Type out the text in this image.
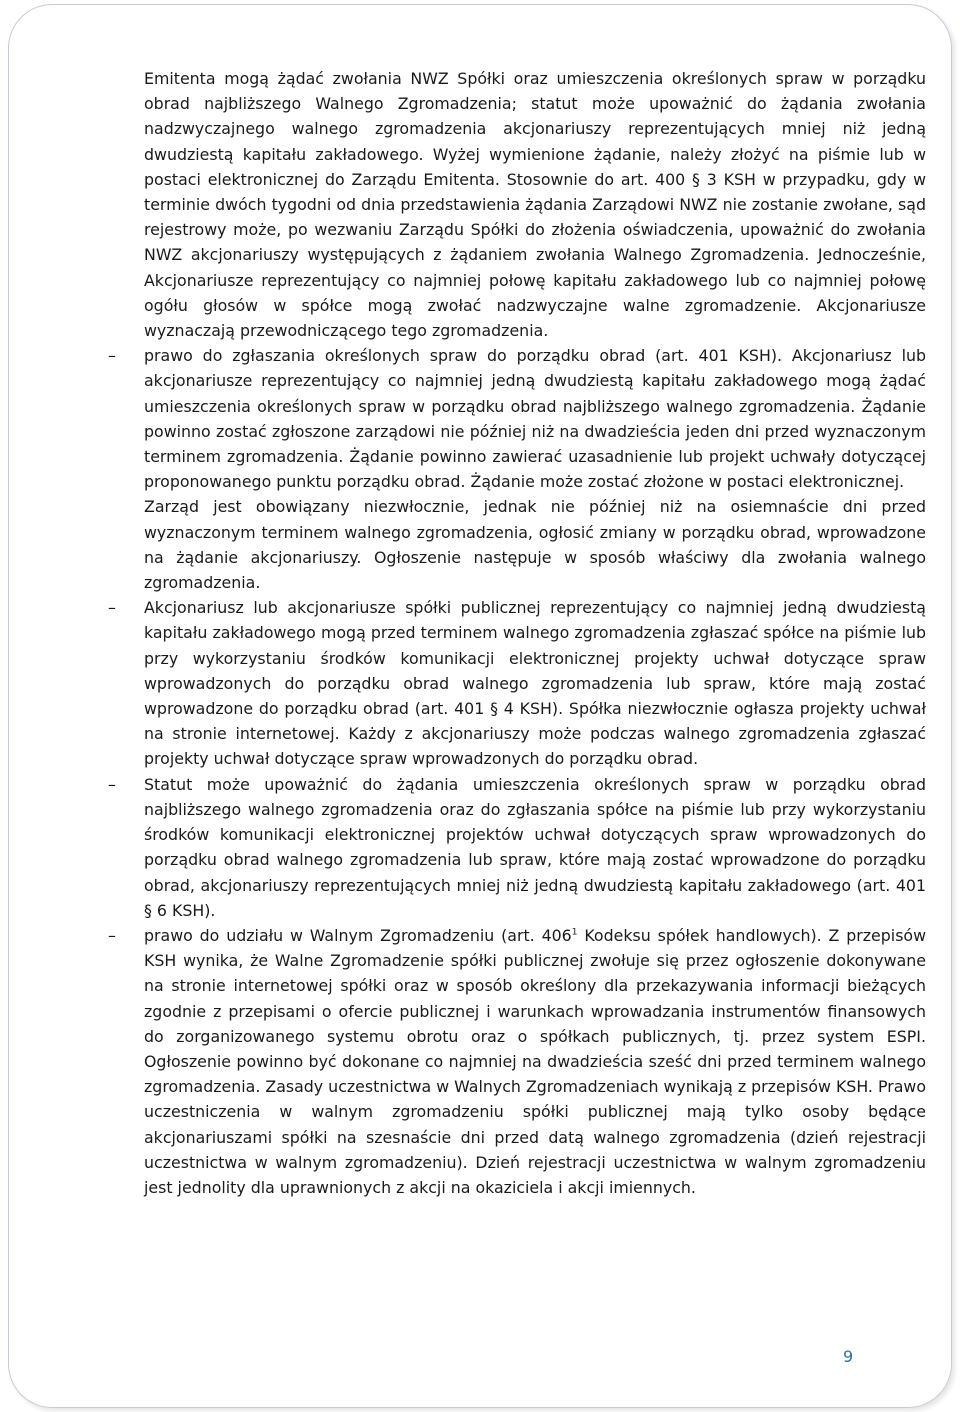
Emitenta mogą żądać zwołania NWZ Spółki oraz umieszczenia określonych spraw w porządku obrad najbliższego Walnego Zgromadzenia; statut może upoważnić do żądania zwołania nadzwyczajnego walnego zgromadzenia akcjonariuszy reprezentujących mniej niż jedną dwudziestą kapitału zakładowego. Wyżej wymienione żądanie, należy złożyć na piśmie lub w postaci elektronicznej do Zarządu Emitenta. Stosownie do art. 400 § 3 KSH w przypadku, gdy w terminie dwóch tygodni od dnia przedstawienia żądania Zarządowi NWZ nie zostanie zwołane, sąd rejestrowy może, po wezwaniu Zarządu Spółki do złożenia oświadczenia, upoważnić do zwołania NWZ akcjonariuszy występujących z żądaniem zwołania Walnego Zgromadzenia. Jednocześnie, Akcjonariusze reprezentujący co najmniej połowę kapitału zakładowego lub co najmniej połowę ogółu głosów w spółce mogą zwołać nadzwyczajne walne zgromadzenie. Akcjonariusze wyznaczają przewodniczącego tego zgromadzenia.

– prawo do zgłaszania określonych spraw do porządku obrad (art. 401 KSH). Akcjonariusz lub akcjonariusze reprezentujący co najmniej jedną dwudziestą kapitału zakładowego mogą żądać umieszczenia określonych spraw w porządku obrad najbliższego walnego zgromadzenia. Żądanie powinno zostać zgłoszone zarządowi nie później niż na dwadzieścia jeden dni przed wyznaczonym terminem zgromadzenia. Żądanie powinno zawierać uzasadnienie lub projekt uchwały dotyczącej proponowanego punktu porządku obrad. Żądanie może zostać złożone w postaci elektronicznej.

Zarząd jest obowiązany niezwłocznie, jednak nie później niż na osiemnaście dni przed wyznaczonym terminem walnego zgromadzenia, ogłosić zmiany w porządku obrad, wprowadzone na żądanie akcjonariuszy. Ogłoszenie następuje w sposób właściwy dla zwołania walnego zgromadzenia.

– Akcjonariusz lub akcjonariusze spółki publicznej reprezentujący co najmniej jedną dwudziestą kapitału zakładowego mogą przed terminem walnego zgromadzenia zgłaszać spółce na piśmie lub przy wykorzystaniu środków komunikacji elektronicznej projekty uchwał dotyczące spraw wprowadzonych do porządku obrad walnego zgromadzenia lub spraw, które mają zostać wprowadzone do porządku obrad (art. 401 § 4 KSH). Spółka niezwłocznie ogłasza projekty uchwał na stronie internetowej. Każdy z akcjonariuszy może podczas walnego zgromadzenia zgłaszać projekty uchwał dotyczące spraw wprowadzonych do porządku obrad.

– Statut może upoważnić do żądania umieszczenia określonych spraw w porządku obrad najbliższego walnego zgromadzenia oraz do zgłaszania spółce na piśmie lub przy wykorzystaniu środków komunikacji elektronicznej projektów uchwał dotyczących spraw wprowadzonych do porządku obrad walnego zgromadzenia lub spraw, które mają zostać wprowadzone do porządku obrad, akcjonariuszy reprezentujących mniej niż jedną dwudziestą kapitału zakładowego (art. 401 § 6 KSH).

– prawo do udziału w Walnym Zgromadzeniu (art. $406^1$ Kodeksu spółek handlowych). Z przepisów KSH wynika, że Walne Zgromadzenie spółki publicznej zwołuje się przez ogłoszenie dokonywane na stronie internetowej spółki oraz w sposób określony dla przekazywania informacji bieżących zgodnie z przepisami o ofercie publicznej i warunkach wprowadzania instrumentów finansowych do zorganizowanego systemu obrotu oraz o spółkach publicznych, tj. przez system ESPI. Ogłoszenie powinno być dokonane co najmniej na dwadzieścia sześć dni przed terminem walnego zgromadzenia. Zasady uczestnictwa w Walnych Zgromadzeniach wynikają z przepisów KSH. Prawo uczestniczenia w walnym zgromadzeniu spółki publicznej mają tylko osoby będące akcjonariuszami spółki na szesnaście dni przed datą walnego zgromadzenia (dzień rejestracji uczestnictwa w walnym zgromadzeniu). Dzień rejestracji uczestnictwa w walnym zgromadzeniu jest jednolity dla uprawnionych z akcji na okaziciela i akcji imiennych.

9
